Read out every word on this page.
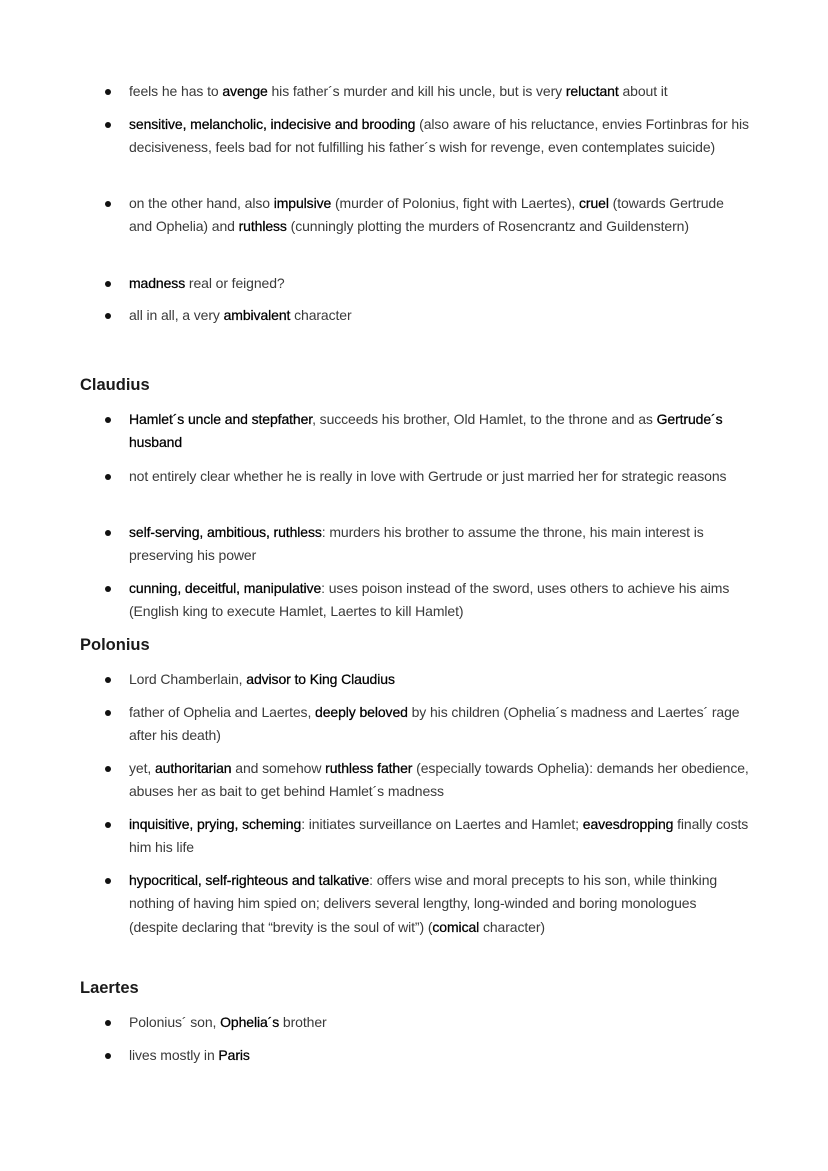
feels he has to avenge his father´s murder and kill his uncle, but is very reluctant about it
sensitive, melancholic, indecisive and brooding (also aware of his reluctance, envies Fortinbras for his decisiveness, feels bad for not fulfilling his father´s wish for revenge, even contemplates suicide)
on the other hand, also impulsive (murder of Polonius, fight with Laertes), cruel (towards Gertrude and Ophelia) and ruthless (cunningly plotting the murders of Rosencrantz and Guildenstern)
madness real or feigned?
all in all, a very ambivalent character
Claudius
Hamlet´s uncle and stepfather, succeeds his brother, Old Hamlet, to the throne and as Gertrude´s husband
not entirely clear whether he is really in love with Gertrude or just married her for strategic reasons
self-serving, ambitious, ruthless: murders his brother to assume the throne, his main interest is preserving his power
cunning, deceitful, manipulative: uses poison instead of the sword, uses others to achieve his aims (English king to execute Hamlet, Laertes to kill Hamlet)
Polonius
Lord Chamberlain, advisor to King Claudius
father of Ophelia and Laertes, deeply beloved by his children (Ophelia´s madness and Laertes´ rage after his death)
yet, authoritarian and somehow ruthless father (especially towards Ophelia): demands her obedience, abuses her as bait to get behind Hamlet´s madness
inquisitive, prying, scheming: initiates surveillance on Laertes and Hamlet; eavesdropping finally costs him his life
hypocritical, self-righteous and talkative: offers wise and moral precepts to his son, while thinking nothing of having him spied on; delivers several lengthy, long-winded and boring monologues (despite declaring that “brevity is the soul of wit”) (comical character)
Laertes
Polonius´ son, Ophelia´s brother
lives mostly in Paris
